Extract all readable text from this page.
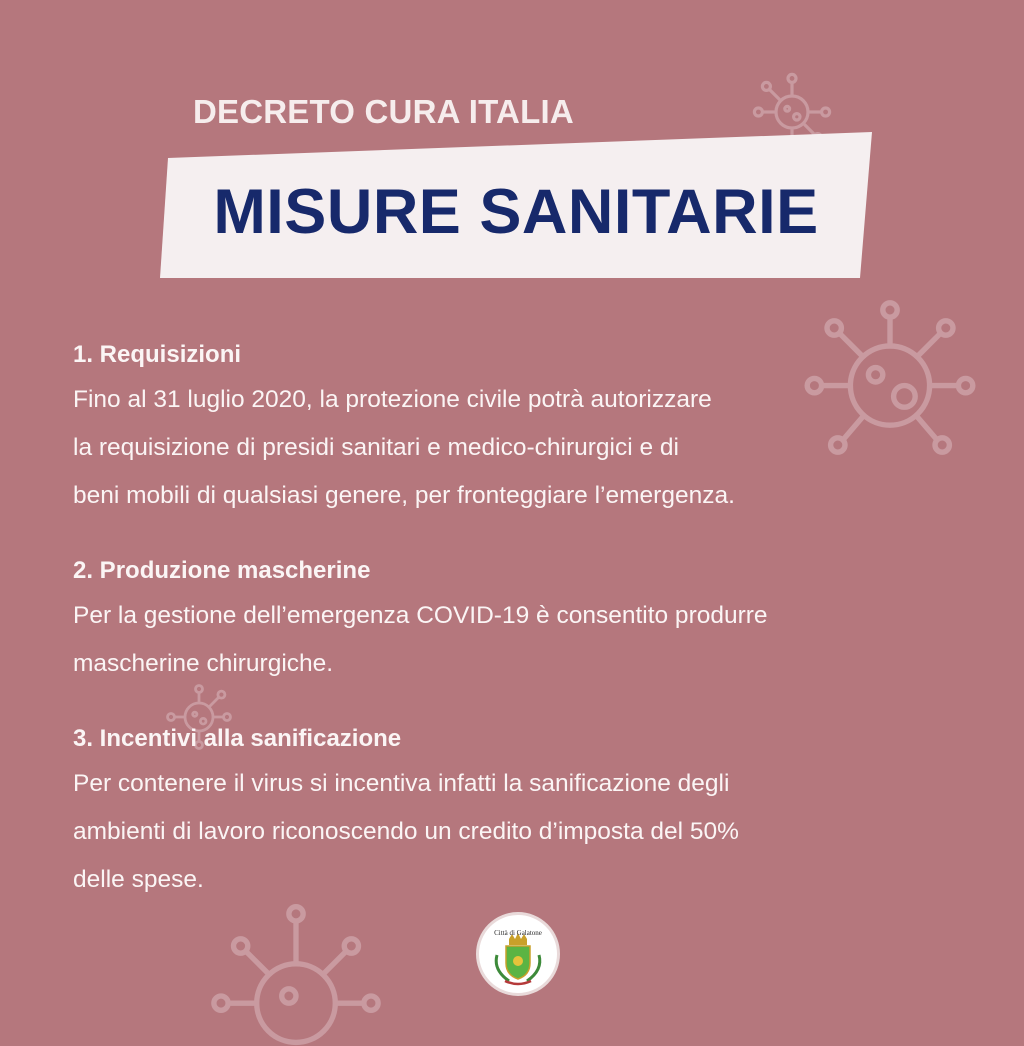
DECRETO CURA ITALIA
MISURE SANITARIE
1. Requisizioni
Fino al 31 luglio 2020, la protezione civile potrà autorizzare
la requisizione di presidi sanitari e medico-chirurgici e di
beni mobili di qualsiasi genere, per fronteggiare l’emergenza.
2. Produzione mascherine
Per la gestione dell’emergenza COVID-19 è consentito produrre
mascherine chirurgiche.
3. Incentivi alla sanificazione
Per contenere il virus si incentiva infatti la sanificazione degli
ambienti di lavoro riconoscendo un credito d’imposta del 50%
delle spese.
Città di Galatone
